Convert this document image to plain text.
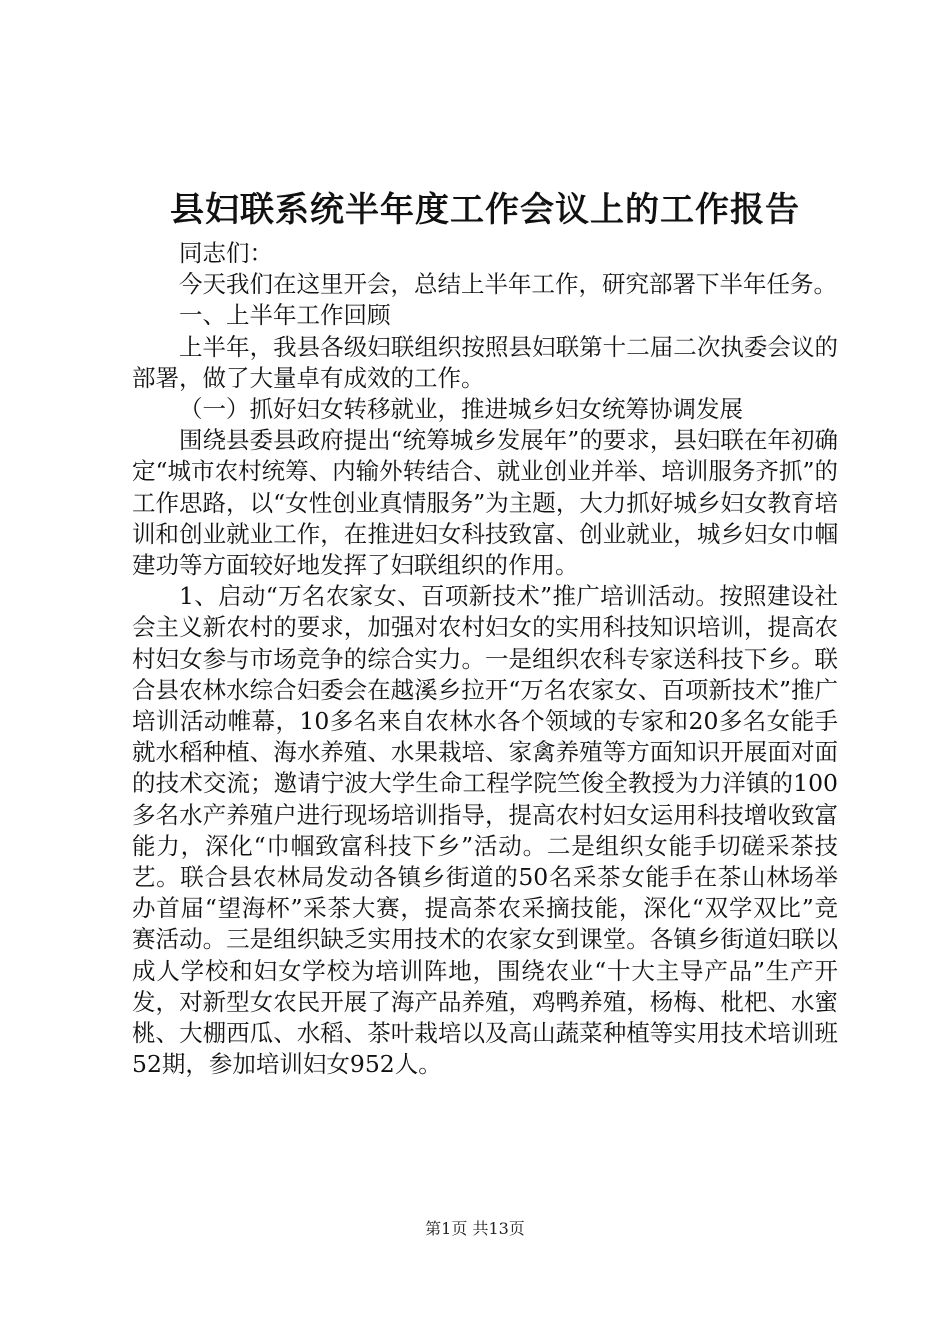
县妇联系统半年度工作会议上的工作报告

同志们：

今天我们在这里开会，总结上半年工作，研究部署下半年任务。

一、上半年工作回顾

上半年，我县各级妇联组织按照县妇联第十二届二次执委会议的部署，做了大量卓有成效的工作。

（一）抓好妇女转移就业，推进城乡妇女统筹协调发展

围绕县委县政府提出“统筹城乡发展年”的要求，县妇联在年初确定“城市农村统筹、内输外转结合、就业创业并举、培训服务齐抓”的工作思路，以“女性创业真情服务”为主题，大力抓好城乡妇女教育培训和创业就业工作，在推进妇女科技致富、创业就业，城乡妇女巾帼建功等方面较好地发挥了妇联组织的作用。

1、启动“万名农家女、百项新技术”推广培训活动。按照建设社会主义新农村的要求，加强对农村妇女的实用科技知识培训，提高农村妇女参与市场竞争的综合实力。一是组织农科专家送科技下乡。联合县农林水综合妇委会在越溪乡拉开“万名农家女、百项新技术”推广培训活动帷幕，10多名来自农林水各个领域的专家和20多名女能手就水稻种植、海水养殖、水果栽培、家禽养殖等方面知识开展面对面的技术交流；邀请宁波大学生命工程学院竺俊全教授为力洋镇的100多名水产养殖户进行现场培训指导，提高农村妇女运用科技增收致富能力，深化“巾帼致富科技下乡”活动。二是组织女能手切磋采茶技艺。联合县农林局发动各镇乡街道的50名采茶女能手在茶山林场举办首届“望海杯”采茶大赛，提高茶农采摘技能，深化“双学双比”竞赛活动。三是组织缺乏实用技术的农家女到课堂。各镇乡街道妇联以成人学校和妇女学校为培训阵地，围绕农业“十大主导产品”生产开发，对新型女农民开展了海产品养殖，鸡鸭养殖，杨梅、枇杷、水蜜桃、大棚西瓜、水稻、茶叶栽培以及高山蔬菜种植等实用技术培训班52期，参加培训妇女952人。

第1页 共13页
